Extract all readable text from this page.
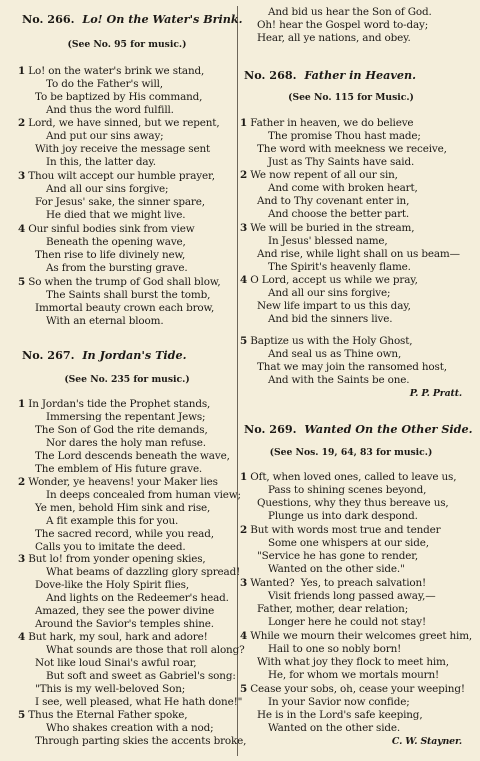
No. 266. Lo! On the Water's Brink.
(See No. 95 for music.)
1 Lo! on the water's brink we stand,
To do the Father's will,
To be baptized by His command,
And thus the word fulfill.
2 Lord, we have sinned, but we repent,
And put our sins away;
With joy receive the message sent
In this, the latter day.
3 Thou wilt accept our humble prayer,
And all our sins forgive;
For Jesus' sake, the sinner spare,
He died that we might live.
4 Our sinful bodies sink from view
Beneath the opening wave,
Then rise to life divinely new,
As from the bursting grave.
5 So when the trump of God shall blow,
The Saints shall burst the tomb,
Immortal beauty crown each brow,
With an eternal bloom.
No. 267. In Jordan's Tide.
(See No. 235 for music.)
1 In Jordan's tide the Prophet stands,
Immersing the repentant Jews;
The Son of God the rite demands,
Nor dares the holy man refuse.
The Lord descends beneath the wave,
The emblem of His future grave.
2 Wonder, ye heavens! your Maker lies
In deeps concealed from human view;
Ye men, behold Him sink and rise,
A fit example this for you.
The sacred record, while you read,
Calls you to imitate the deed.
3 But lo! from yonder opening skies,
What beams of dazzling glory spread!
Dove-like the Holy Spirit flies,
And lights on the Redeemer's head.
Amazed, they see the power divine
Around the Savior's temples shine.
4 But hark, my soul, hark and adore!
What sounds are those that roll along?
Not like loud Sinai's awful roar,
But soft and sweet as Gabriel's song:
"This is my well-beloved Son;
I see, well pleased, what He hath done!"
5 Thus the Eternal Father spoke,
Who shakes creation with a nod;
Through parting skies the accents broke,
And bid us hear the Son of God.
Oh! hear the Gospel word to-day;
Hear, all ye nations, and obey.
No. 268. Father in Heaven.
(See No. 115 for Music.)
1 Father in heaven, we do believe
The promise Thou hast made;
The word with meekness we receive,
Just as Thy Saints have said.
2 We now repent of all our sin,
And come with broken heart,
And to Thy covenant enter in,
And choose the better part.
3 We will be buried in the stream,
In Jesus' blessed name,
And rise, while light shall on us beam—
The Spirit's heavenly flame.
4 O Lord, accept us while we pray,
And all our sins forgive;
New life impart to us this day,
And bid the sinners live.
5 Baptize us with the Holy Ghost,
And seal us as Thine own,
That we may join the ransomed host,
And with the Saints be one.
P. P. Pratt.
No. 269. Wanted On the Other Side.
(See Nos. 19, 64, 83 for music.)
1 Oft, when loved ones, called to leave us,
Pass to shining scenes beyond,
Questions, why they thus bereave us,
Plunge us into dark despond.
2 But with words most true and tender
Some one whispers at our side,
"Service he has gone to render,
Wanted on the other side."
3 Wanted?  Yes, to preach salvation!
Visit friends long passed away,—
Father, mother, dear relation;
Longer here he could not stay!
4 While we mourn their welcomes greet him,
Hail to one so nobly born!
With what joy they flock to meet him,
He, for whom we mortals mourn!
5 Cease your sobs, oh, cease your weeping!
In your Savior now confide;
He is in the Lord's safe keeping,
Wanted on the other side.
C. W. Stayner.
